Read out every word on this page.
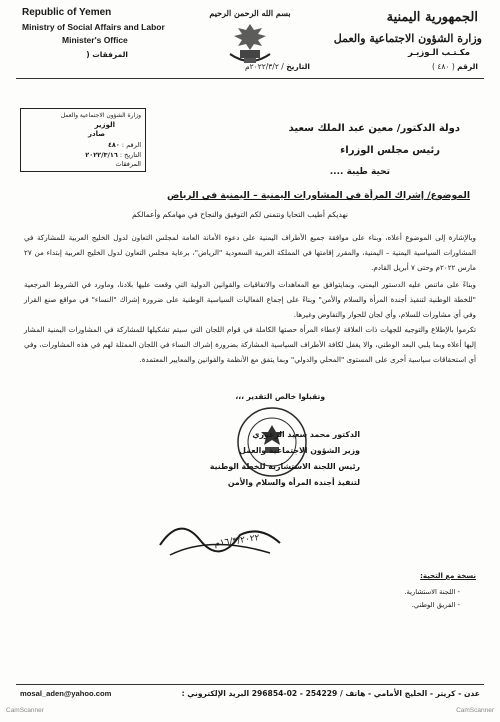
Republic of Yemen
Ministry of Social Affairs and Labor
Minister's Office
المرفقات (
بسم الله الرحمن الرحيم	الجمهورية اليمنية
وزارة الشؤون الاجتماعية والعمل
مكـتـب الـوزيـر
الرقم ( ٤٨٠ )
التاريخ / ٢٠٢٢/٣/٢م
وزارة الشؤون الاجتماعية والعمل
الوزير
صادر
الرقم : ٤٨٠
التاريخ : ٢٠٢٢/٣/١٦
المرفقات
دولة الدكتور/ معين عبد الملك سعيد
رئيس مجلس الوزراء
تحية طيبة ....
الموضوع/ إشراك المرأة في المشاورات اليمنية – اليمنية في الرياض
نهديكم أطيب التحايا ونتمنى لكم التوفيق والنجاح في مهامكم وأعمالكم
وبالإشارة إلى الموضوع أعلاه، وبناء على موافقة جميع الأطراف اليمنية على دعوة الأمانة العامة لمجلس التعاون لدول الخليج العربية للمشاركة في المشاورات السياسية اليمنية – اليمنية، والمقرر إقامتها في المملكة العربية السعودية "الرياض"، برعاية مجلس التعاون لدول الخليج العربية إبتداء من ٢٧ مارس ٢٠٢٢م وحتى ٧ أبريل القادم.
وبناءً على ماتنص عليه الدستور اليمني، وبمايتوافق مع المعاهدات والاتفاقيات والقوانين الدولية التي وقعت عليها بلادنا، وماورد في الشروط المرجعية "للخطة الوطنية لتنفيذ أجندة المرأة والسلام والأمن" وبناءً على إجماع الفعاليات السياسية الوطنية على ضرورة إشراك "النساء" في مواقع صنع القرار وفي أي مشاورات للسلام، وأي لجان للحوار والتفاوض وغيرها.
تكرموا بالإطلاع والتوجيه للجهات ذات العلاقة لإعطاء المرأة حصتها الكاملة في قوام اللجان التي سيتم تشكيلها للمشاركة في المشاورات اليمنية المشار إليها أعلاه وبما يلبي البعد الوطني، والا يغفل لكافة الأطراف السياسية المشاركة بضرورة إشراك النساء في اللجان الممثلة لهم في هذه المشاورات، وفي أي استحقاقات سياسية أخرى على المستوى "المحلي والدولي" وبما يتفق مع الأنظمة والقوانين والمعايير المعتمدة.
وتقبلوا خالص التقدير ،،،
الدكتور محمد سعيد الزعوري
وزير الشؤون الاجتماعية والعمل
رئيس اللجنة الاستشارية للخطة الوطنية
لتنفيذ أجندة المرأة والسلام والأمن
١٦/٣/٢٠٢٢م
نسخة مع التحية:
- اللجنة الاستشارية.
- الفريق الوطني.
mosal_aden@yahoo.com	عدن - كريتر - الخليج الأمامي - هاتف / 254229 - 02-296854 البريد الإلكتروني :
CamScanner	CamScanner
